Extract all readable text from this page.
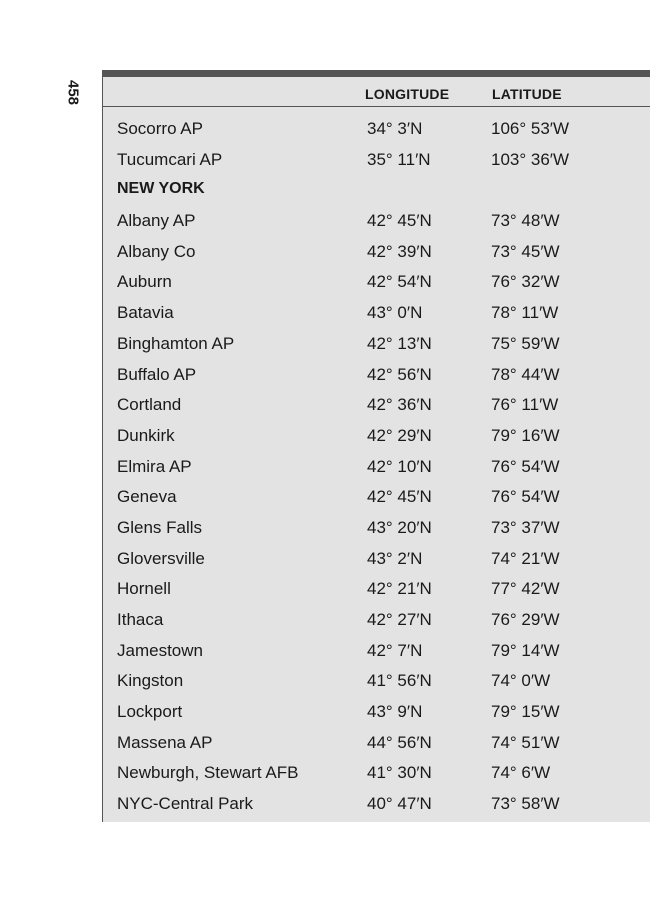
458	LONGITUDE	LATITUDE
Socorro AP	34° 3′N	106° 53′W
Tucumcari AP	35° 11′N	103° 36′W
NEW YORK
Albany AP	42° 45′N	73° 48′W
Albany Co	42° 39′N	73° 45′W
Auburn	42° 54′N	76° 32′W
Batavia	43° 0′N	78° 11′W
Binghamton AP	42° 13′N	75° 59′W
Buffalo AP	42° 56′N	78° 44′W
Cortland	42° 36′N	76° 11′W
Dunkirk	42° 29′N	79° 16′W
Elmira AP	42° 10′N	76° 54′W
Geneva	42° 45′N	76° 54′W
Glens Falls	43° 20′N	73° 37′W
Gloversville	43° 2′N	74° 21′W
Hornell	42° 21′N	77° 42′W
Ithaca	42° 27′N	76° 29′W
Jamestown	42° 7′N	79° 14′W
Kingston	41° 56′N	74° 0′W
Lockport	43° 9′N	79° 15′W
Massena AP	44° 56′N	74° 51′W
Newburgh, Stewart AFB	41° 30′N	74° 6′W
NYC-Central Park	40° 47′N	73° 58′W
